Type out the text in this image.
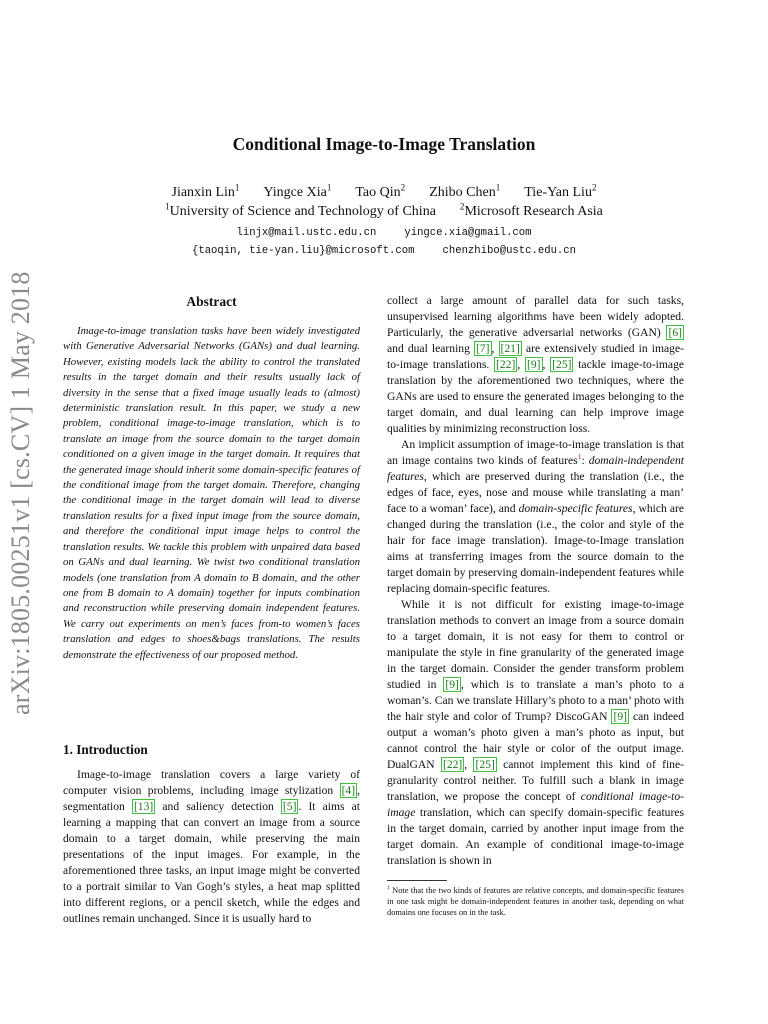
arXiv:1805.00251v1 [cs.CV] 1 May 2018
Conditional Image-to-Image Translation
Jianxin Lin$^1$ Yingce Xia$^1$ Tao Qin$^2$ Zhibo Chen$^1$ Tie-Yan Liu$^2$
$^1$University of Science and Technology of China	$^2$Microsoft Research Asia
linjx@mail.ustc.edu.cn	yingce.xia@gmail.com
{taoqin, tie-yan.liu}@microsoft.com	chenzhibo@ustc.edu.cn
Abstract

Image-to-image translation tasks have been widely investigated with Generative Adversarial Networks (GANs) and dual learning. However, existing models lack the ability to control the translated results in the target domain and their results usually lack of diversity in the sense that a fixed image usually leads to (almost) deterministic translation result. In this paper, we study a new problem, conditional image-to-image translation, which is to translate an image from the source domain to the target domain conditioned on a given image in the target domain. It requires that the generated image should inherit some domain-specific features of the conditional image from the target domain. Therefore, changing the conditional image in the target domain will lead to diverse translation results for a fixed input image from the source domain, and therefore the conditional input image helps to control the translation results. We tackle this problem with unpaired data based on GANs and dual learning. We twist two conditional translation models (one translation from A domain to B domain, and the other one from B domain to A domain) together for inputs combination and reconstruction while preserving domain independent features. We carry out experiments on men’s faces from-to women’s faces translation and edges to shoes&bags translations. The results demonstrate the effectiveness of our proposed method.

1. Introduction

Image-to-image translation covers a large variety of computer vision problems, including image stylization [4] , segmentation [13] and saliency detection [5] . It aims at learning a mapping that can convert an image from a source domain to a target domain, while preserving the main presentations of the input images. For example, in the aforementioned three tasks, an input image might be converted to a portrait similar to Van Gogh’s styles, a heat map splitted into different regions, or a pencil sketch, while the edges and outlines remain unchanged. Since it is usually hard to

collect a large amount of parallel data for such tasks, unsupervised learning algorithms have been widely adopted. Particularly, the generative adversarial networks (GAN) [6] and dual learning [7] , [21] are extensively studied in image-to-image translations. [22] , [9] , [25] tackle image-to-image translation by the aforementioned two techniques, where the GANs are used to ensure the generated images belonging to the target domain, and dual learning can help improve image qualities by minimizing reconstruction loss.

An implicit assumption of image-to-image translation is that an image contains two kinds of features$^1$: domain-independent features, which are preserved during the translation (i.e., the edges of face, eyes, nose and mouse while translating a man’ face to a woman’ face), and domain-specific features, which are changed during the translation (i.e., the color and style of the hair for face image translation). Image-to-Image translation aims at transferring images from the source domain to the target domain by preserving domain-independent features while replacing domain-specific features.

While it is not difficult for existing image-to-image translation methods to convert an image from a source domain to a target domain, it is not easy for them to control or manipulate the style in fine granularity of the generated image in the target domain. Consider the gender transform problem studied in [9] , which is to translate a man’s photo to a woman’s. Can we translate Hillary’s photo to a man’ photo with the hair style and color of Trump? DiscoGAN [9] can indeed output a woman’s photo given a man’s photo as input, but cannot control the hair style or color of the output image. DualGAN [22] , [25] cannot implement this kind of fine-granularity control neither. To fulfill such a blank in image translation, we propose the concept of conditional image-to-image translation, which can specify domain-specific features in the target domain, carried by another input image from the target domain. An example of conditional image-to-image translation is shown in

$^1$ Note that the two kinds of features are relative concepts, and domain-specific features in one task might be domain-independent features in another task, depending on what domains one focuses on in the task.
